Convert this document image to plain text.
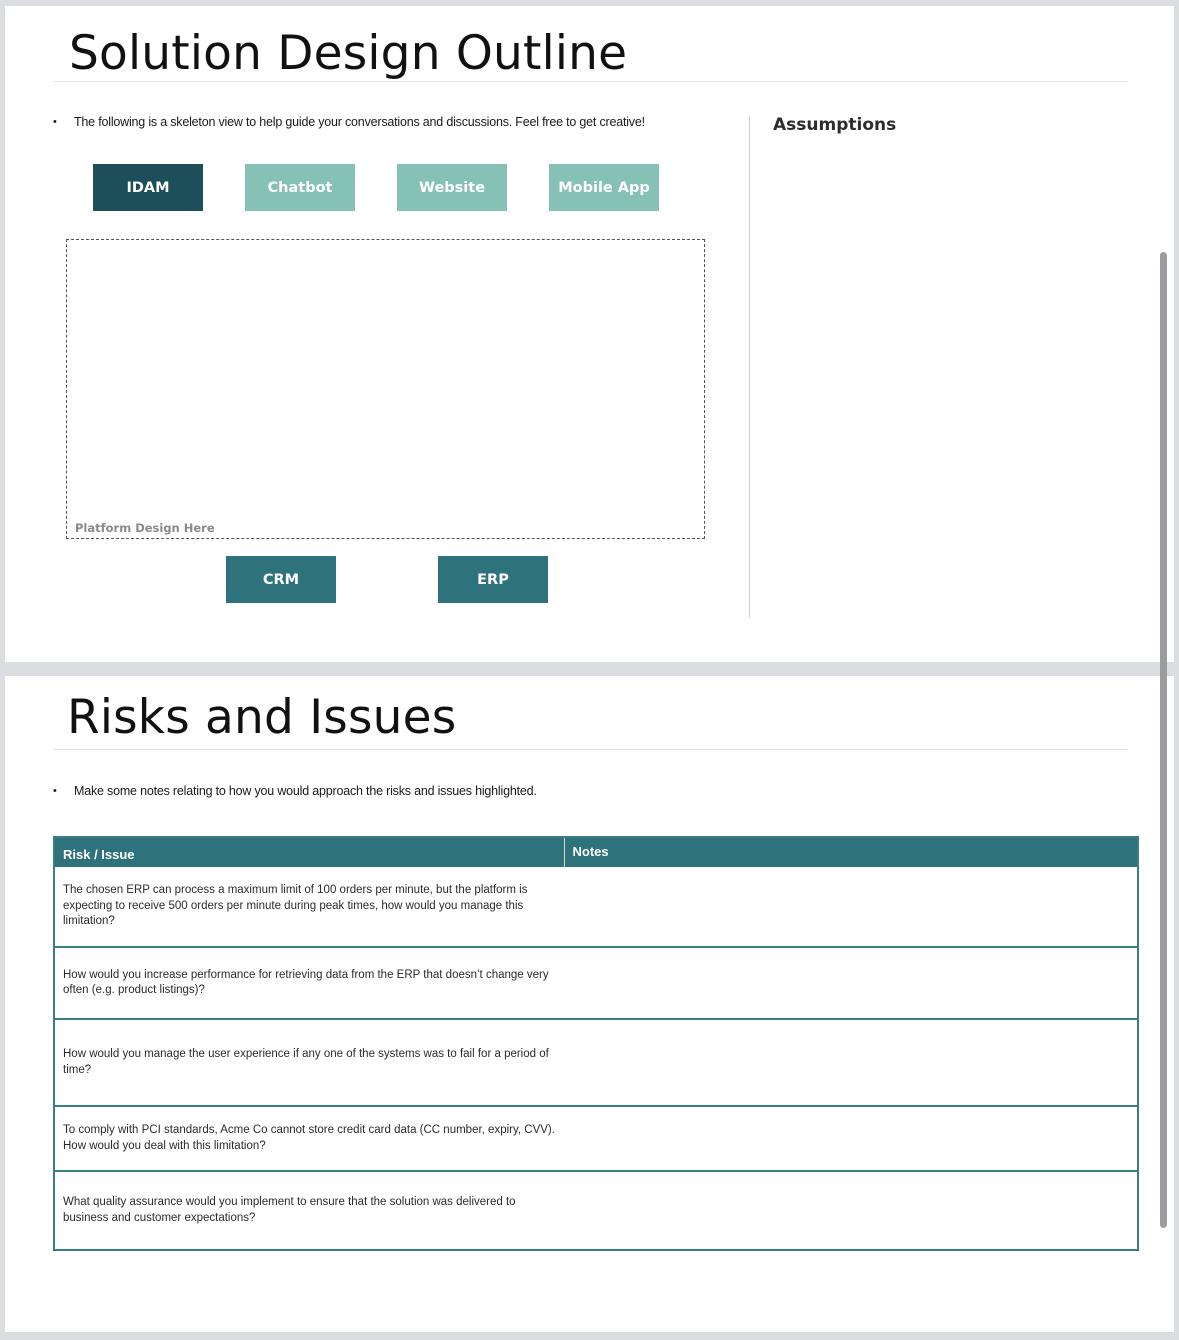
Solution Design Outline
• The following is a skeleton view to help guide your conversations and discussions. Feel free to get creative!
IDAM	Chatbot	Website	Mobile App
Platform Design Here
CRM	ERP
Assumptions
Risks and Issues
• Make some notes relating to how you would approach the risks and issues highlighted.
Risk / Issue	Notes
The chosen ERP can process a maximum limit of 100 orders per minute, but the platform is expecting to receive 500 orders per minute during peak times, how would you manage this limitation?	
How would you increase performance for retrieving data from the ERP that doesn’t change very often (e.g. product listings)?	
How would you manage the user experience if any one of the systems was to fail for a period of time?	
To comply with PCI standards, Acme Co cannot store credit card data (CC number, expiry, CVV). How would you deal with this limitation?	
What quality assurance would you implement to ensure that the solution was delivered to business and customer expectations?	
